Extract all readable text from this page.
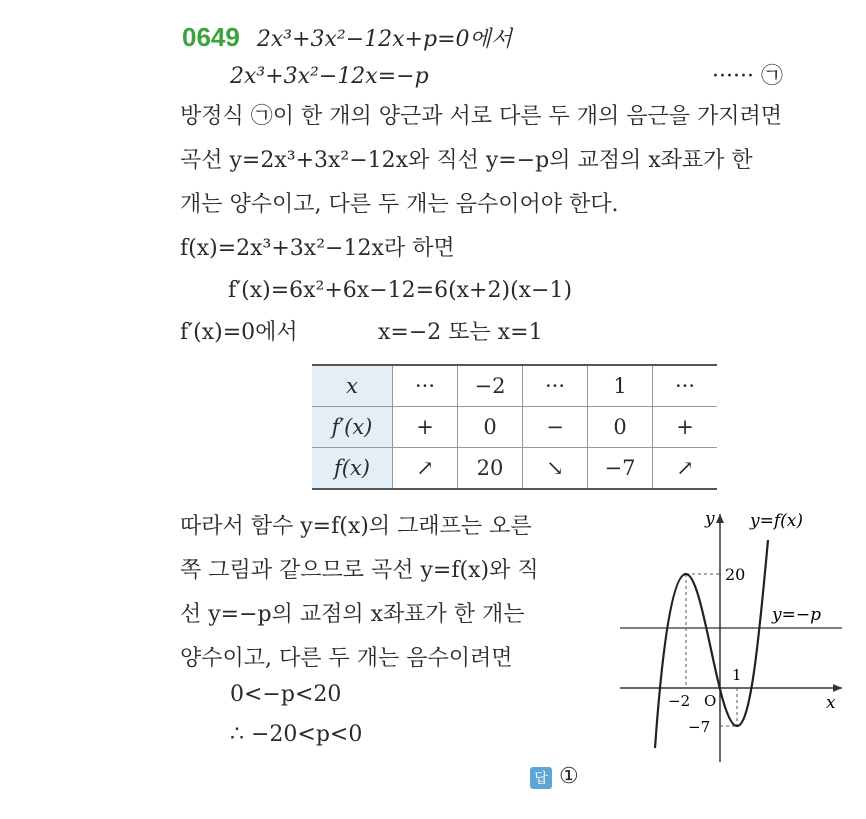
0649 2x³+3x²−12x+p=0에서
2x³+3x²−12x=−p	······ ㉠
방정식 ㉠이 한 개의 양근과 서로 다른 두 개의 음근을 가지려면
곡선 y=2x³+3x²−12x와 직선 y=−p의 교점의 x좌표가 한
개는 양수이고, 다른 두 개는 음수이어야 한다.
f(x)=2x³+3x²−12x라 하면
f′(x)=6x²+6x−12=6(x+2)(x−1)
f′(x)=0에서	x=−2 또는 x=1
x	···	−2	···	1	···
f′(x)	+	0	−	0	+
f(x)	↗	20	↘	−7	↗
따라서 함수 y=f(x)의 그래프는 오른
쪽 그림과 같으므로 곡선 y=f(x)와 직
선 y=−p의 교점의 x좌표가 한 개는
양수이고, 다른 두 개는 음수이려면
0<−p<20
∴ −20<p<0
답 ①
y y=f(x)
20
y=−p
1
−2 O	x
−7
